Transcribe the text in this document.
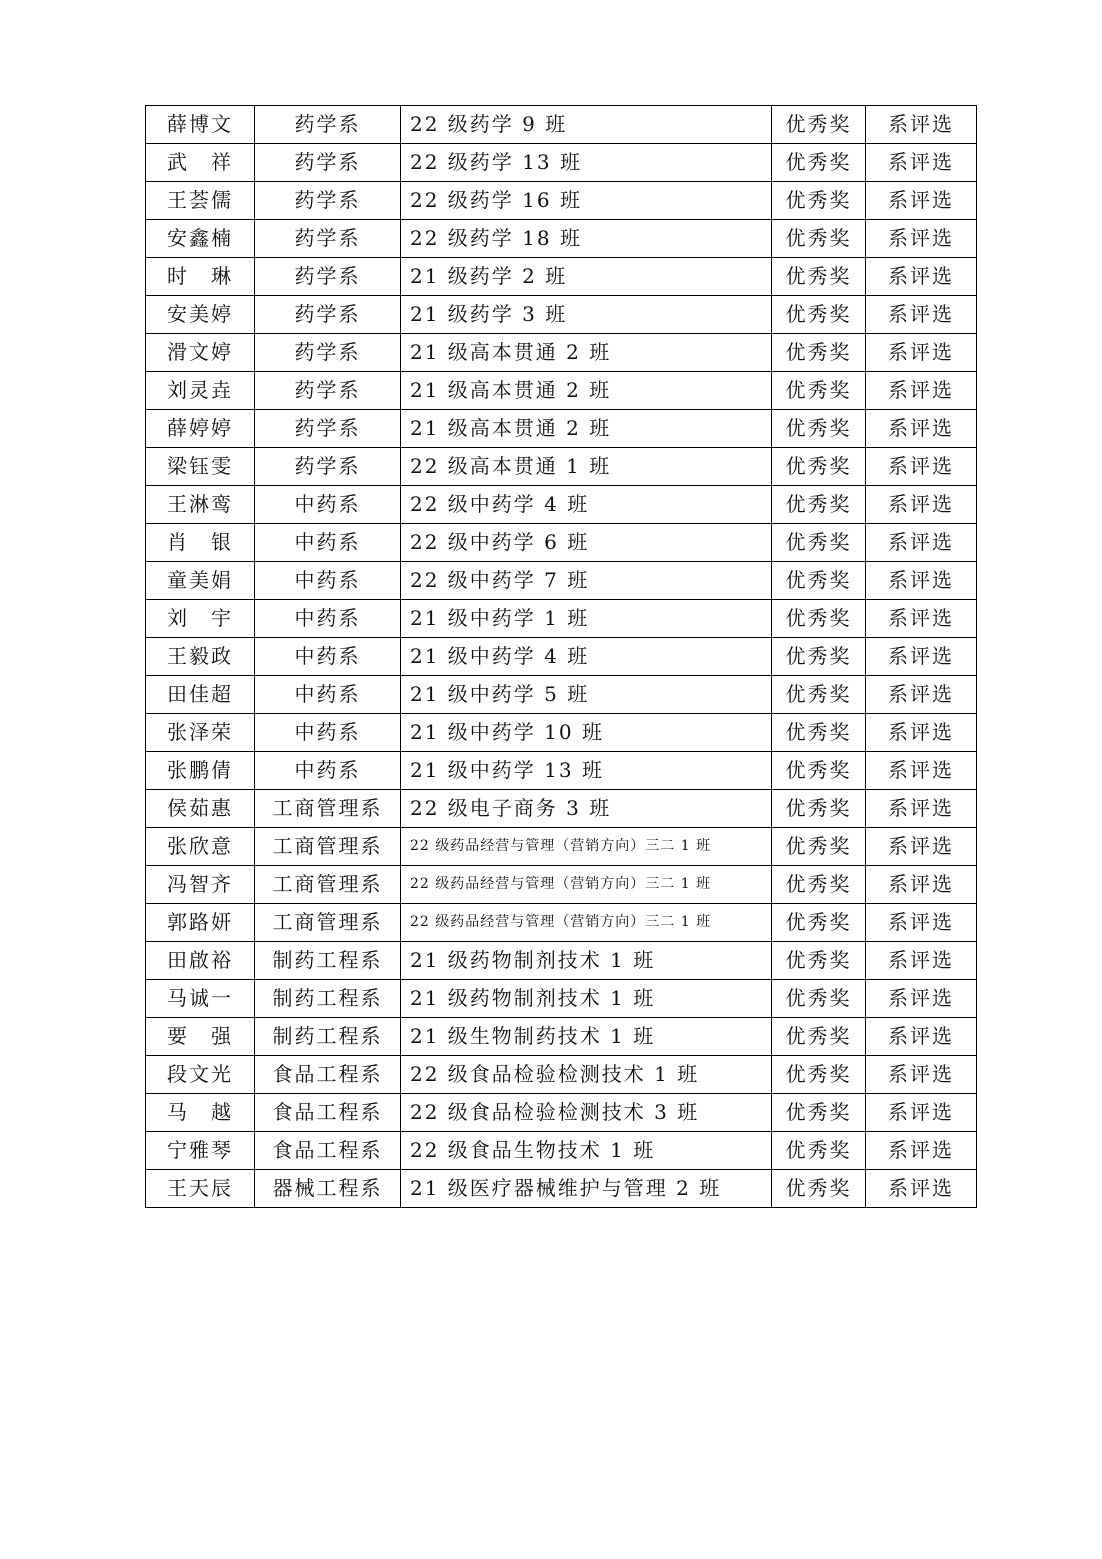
薛博文	药学系	22 级药学 9 班	优秀奖	系评选
武　祥	药学系	22 级药学 13 班	优秀奖	系评选
王荟儒	药学系	22 级药学 16 班	优秀奖	系评选
安鑫楠	药学系	22 级药学 18 班	优秀奖	系评选
时　琳	药学系	21 级药学 2 班	优秀奖	系评选
安美婷	药学系	21 级药学 3 班	优秀奖	系评选
滑文婷	药学系	21 级高本贯通 2 班	优秀奖	系评选
刘灵垚	药学系	21 级高本贯通 2 班	优秀奖	系评选
薛婷婷	药学系	21 级高本贯通 2 班	优秀奖	系评选
梁钰雯	药学系	22 级高本贯通 1 班	优秀奖	系评选
王淋鸾	中药系	22 级中药学 4 班	优秀奖	系评选
肖　银	中药系	22 级中药学 6 班	优秀奖	系评选
童美娟	中药系	22 级中药学 7 班	优秀奖	系评选
刘　宇	中药系	21 级中药学 1 班	优秀奖	系评选
王毅政	中药系	21 级中药学 4 班	优秀奖	系评选
田佳超	中药系	21 级中药学 5 班	优秀奖	系评选
张泽荣	中药系	21 级中药学 10 班	优秀奖	系评选
张鹏倩	中药系	21 级中药学 13 班	优秀奖	系评选
侯茹惠	工商管理系	22 级电子商务 3 班	优秀奖	系评选
张欣意	工商管理系	22 级药品经营与管理（营销方向）三二 1 班	优秀奖	系评选
冯智齐	工商管理系	22 级药品经营与管理（营销方向）三二 1 班	优秀奖	系评选
郭路妍	工商管理系	22 级药品经营与管理（营销方向）三二 1 班	优秀奖	系评选
田啟裕	制药工程系	21 级药物制剂技术 1 班	优秀奖	系评选
马诚一	制药工程系	21 级药物制剂技术 1 班	优秀奖	系评选
要　强	制药工程系	21 级生物制药技术 1 班	优秀奖	系评选
段文光	食品工程系	22 级食品检验检测技术 1 班	优秀奖	系评选
马　越	食品工程系	22 级食品检验检测技术 3 班	优秀奖	系评选
宁雅琴	食品工程系	22 级食品生物技术 1 班	优秀奖	系评选
王天辰	器械工程系	21 级医疗器械维护与管理 2 班	优秀奖	系评选
